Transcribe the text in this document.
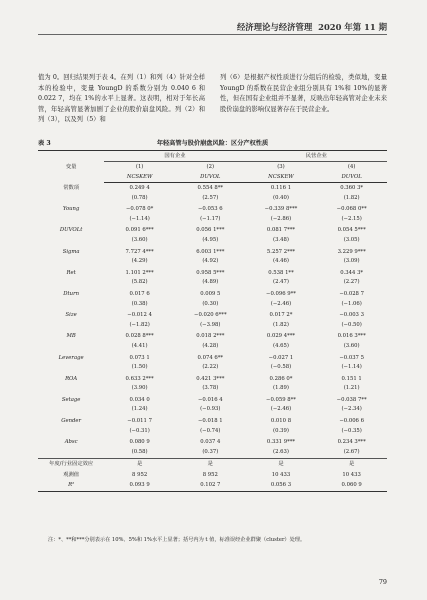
经济理论与经济管理 2020 年第 11 期

值为 0。回归结果列于表 4。在列（1）和列（4）针对全样本的检验中，变量 YoungD 的系数分别为 0.040 6 和 0.022 7，均在 1%的水平上显著。这表明，相对于年长高管，年轻高管显著加剧了企业的股价崩盘风险。列（2）和列（3），以及列（5）和

列（6）是根据产权性质进行分组后的检验，类似地，变量 YoungD 的系数在民营企业组分别具有 1%和 10%的显著性，但在国有企业组并不显著，反映出年轻高管对企业未来股价崩盘的影响仅显著存在于民营企业。

表 3	年轻高管与股价崩盘风险：区分产权性质
变量	国有企业		民营企业	
	(1)	(2)	(3)	(4)
	NCSKEW	DUVOL	NCSKEW	DUVOL
常数项	0.249 4	0.554 8**	0.116 1	0.360 3*
	(0.78)	(2.57)	(0.40)	(1.82)
Young	−0.078 0*	−0.053 6	−0.339 8***	−0.068 0**
	(−1.14)	(−1.17)	(−2.86)	(−2.15)
DUVOLt	0.091 6***	0.056 1***	0.081 7***	0.054 5***
	(3.60)	(4.95)	(3.48)	(3.05)
Sigma	7.727 4***	6.003 1***	5.257 2***	3.229 9***
	(4.29)	(4.92)	(4.46)	(3.09)
Ret	1.101 2***	0.958 5***	0.538 1**	0.344 3*
	(5.82)	(4.89)	(2.47)	(2.27)
Dturn	0.017 6	0.009 5	−0.096 9**	−0.028 7
	(0.38)	(0.30)	(−2.46)	(−1.06)
Size	−0.012 4	−0.020 6***	0.017 2*	−0.003 3
	(−1.82)	(−3.98)	(1.82)	(−0.50)
MB	0.028 8***	0.018 2***	0.029 4***	0.016 3***
	(4.41)	(4.28)	(4.65)	(3.60)
Leverage	0.073 1	0.074 6**	−0.027 1	−0.037 5
	(1.50)	(2.22)	(−0.58)	(−1.14)
ROA	0.633 2***	0.421 3***	0.286 0*	0.151 1
	(3.90)	(3.78)	(1.89)	(1.21)
Setage	0.034 0	−0.016 4	−0.059 8**	−0.038 7**
	(1.24)	(−0.93)	(−2.46)	(−2.34)
Gender	−0.011 7	−0.018 1	0.010 8	−0.006 6
	(−0.31)	(−0.74)	(0.39)	(−0.35)
Absc	0.080 9	0.037 4	0.331 9***	0.234 3***
	(0.58)	(0.37)	(2.63)	(2.67)
年度/行业固定效应	是	是	是	是
观测值	8 952	8 952	10 433	10 433
R²	0.093 9	0.102 7	0.056 3	0.060 9
注：*、**和***分别表示在 10%、5%和 1%水平上显著；括号内为 t 值，标准误经企业群聚（cluster）处理。
79
